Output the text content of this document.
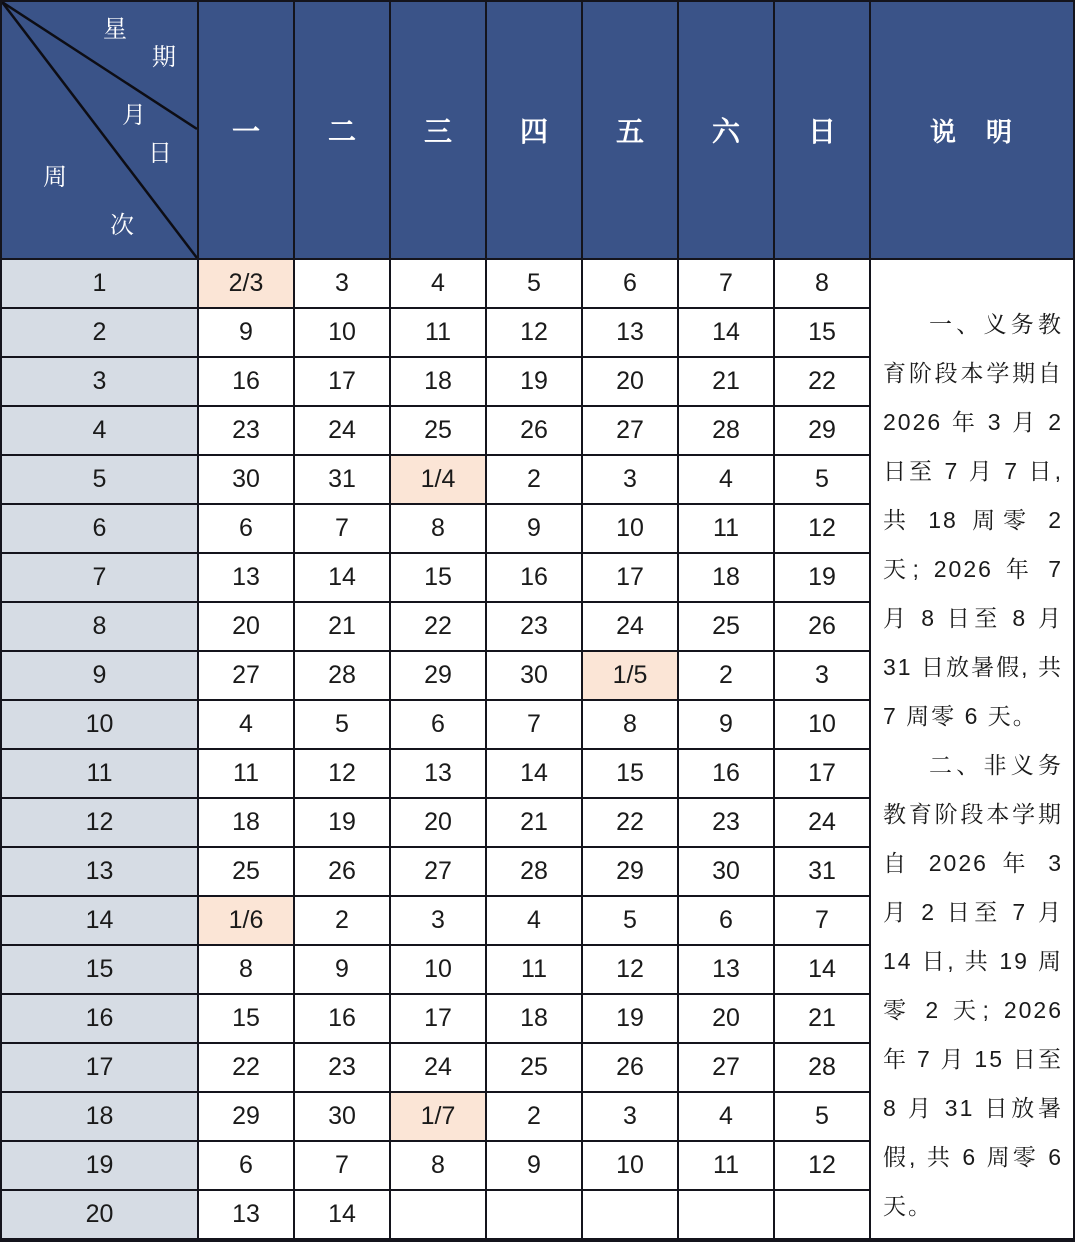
星
期
月
日
周
次
一	二	三	四	五	六	日	说　明

一、义务教育阶段本学期自 2026 年 3 月 2 日至 7 月 7 日, 共 18 周零 2 天; 2026 年 7 月 8 日至 8 月 31 日放暑假, 共 7 周零 6 天。

二、非义务教育阶段本学期自 2026 年 3 月 2 日至 7 月 14 日, 共 19 周零 2 天; 2026 年 7 月 15 日至 8 月 31 日放暑假, 共 6 周零 6 天。

1	2/3	3	4	5	6	7	8
2	9	10	11	12	13	14	15
3	16	17	18	19	20	21	22
4	23	24	25	26	27	28	29
5	30	31	1/4	2	3	4	5
6	6	7	8	9	10	11	12
7	13	14	15	16	17	18	19
8	20	21	22	23	24	25	26
9	27	28	29	30	1/5	2	3
10	4	5	6	7	8	9	10
11	11	12	13	14	15	16	17
12	18	19	20	21	22	23	24
13	25	26	27	28	29	30	31
14	1/6	2	3	4	5	6	7
15	8	9	10	11	12	13	14
16	15	16	17	18	19	20	21
17	22	23	24	25	26	27	28
18	29	30	1/7	2	3	4	5
19	6	7	8	9	10	11	12
20	13	14
